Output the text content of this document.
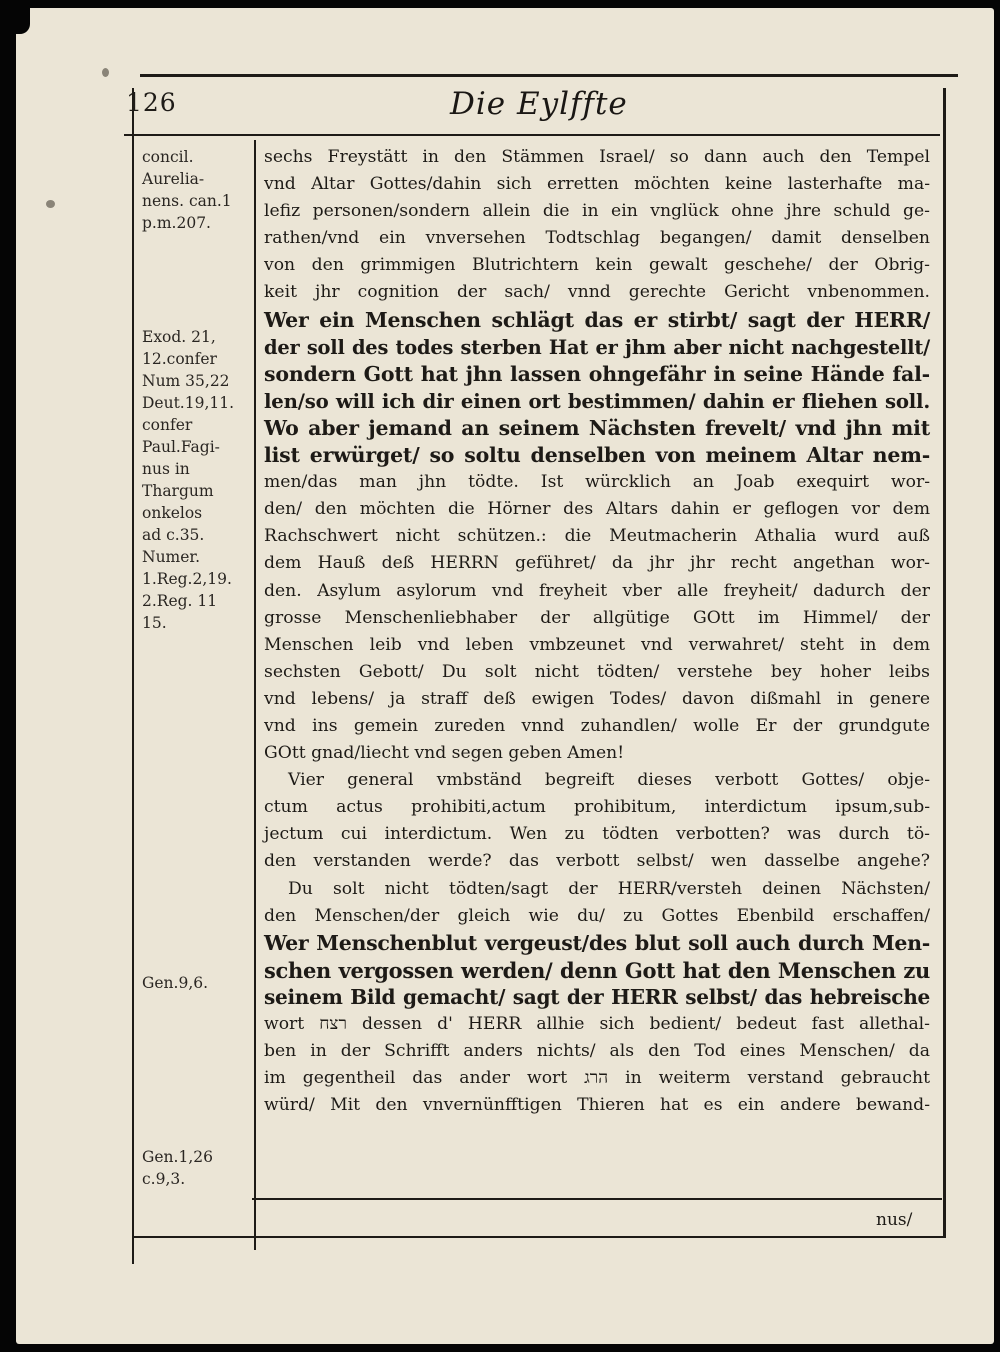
126	Die Eylffte
concil.
Aurelia-
nens. can.1
p.m.207.
Exod. 21,
12.confer
Num 35,22
Deut.19,11.
confer
Paul.Fagi-
nus in
Thargum
onkelos
ad c.35.
Numer.
1.Reg.2,19.
2.Reg. 11
15.
Gen.9,6.
Gen.1,26
c.9,3.
sechs Freystätt in den Stämmen Israel/ so dann auch den Tempel
vnd Altar Gottes/dahin sich erretten möchten keine lasterhafte ma-
lefiz personen/sondern allein die in ein vnglück ohne jhre schuld ge-
rathen/vnd ein vnversehen Todtschlag begangen/ damit denselben
von den grimmigen Blutrichtern kein gewalt geschehe/ der Obrig-
keit jhr cognition der sach/ vnnd gerechte Gericht vnbenommen.
Wer ein Menschen schlägt das er stirbt/ sagt der HERR/
der soll des todes sterben Hat er jhm aber nicht nachgestellt/
sondern Gott hat jhn lassen ohngefähr in seine Hände fal-
len/so will ich dir einen ort bestimmen/ dahin er fliehen soll.
Wo aber jemand an seinem Nächsten frevelt/ vnd jhn mit
list erwürget/ so soltu denselben von meinem Altar nem-
men/das man jhn tödte. Ist würcklich an Joab exequirt wor-
den/ den möchten die Hörner des Altars dahin er geflogen vor dem
Rachschwert nicht schützen.: die Meutmacherin Athalia wurd auß
dem Hauß deß HERRN geführet/ da jhr jhr recht angethan wor-
den. Asylum asylorum vnd freyheit vber alle freyheit/ dadurch der
grosse Menschenliebhaber der allgütige GOtt im Himmel/ der
Menschen leib vnd leben vmbzeunet vnd verwahret/ steht in dem
sechsten Gebott/ Du solt nicht tödten/ verstehe bey hoher leibs
vnd lebens/ ja straff deß ewigen Todes/ davon dißmahl in genere
vnd ins gemein zureden vnnd zuhandlen/ wolle Er der grundgute
GOtt gnad/liecht vnd segen geben Amen!
Vier general vmbständ begreift dieses verbott Gottes/ obje-
ctum actus prohibiti,actum prohibitum, interdictum ipsum,sub-
jectum cui interdictum. Wen zu tödten verbotten? was durch tö-
den verstanden werde? das verbott selbst/ wen dasselbe angehe?
Du solt nicht tödten/sagt der HERR/versteh deinen Nächsten/
den Menschen/der gleich wie du/ zu Gottes Ebenbild erschaffen/
Wer Menschenblut vergeust/des blut soll auch durch Men-
schen vergossen werden/ denn Gott hat den Menschen zu
seinem Bild gemacht/ sagt der HERR selbst/ das hebreische
wort רצח dessen d' HERR allhie sich bedient/ bedeut fast allethal-
ben in der Schrifft anders nichts/ als den Tod eines Menschen/ da
im gegentheil das ander wort הרג in weiterm verstand gebraucht
würd/ Mit den vnvernünfftigen Thieren hat es ein andere bewand-
nus/
